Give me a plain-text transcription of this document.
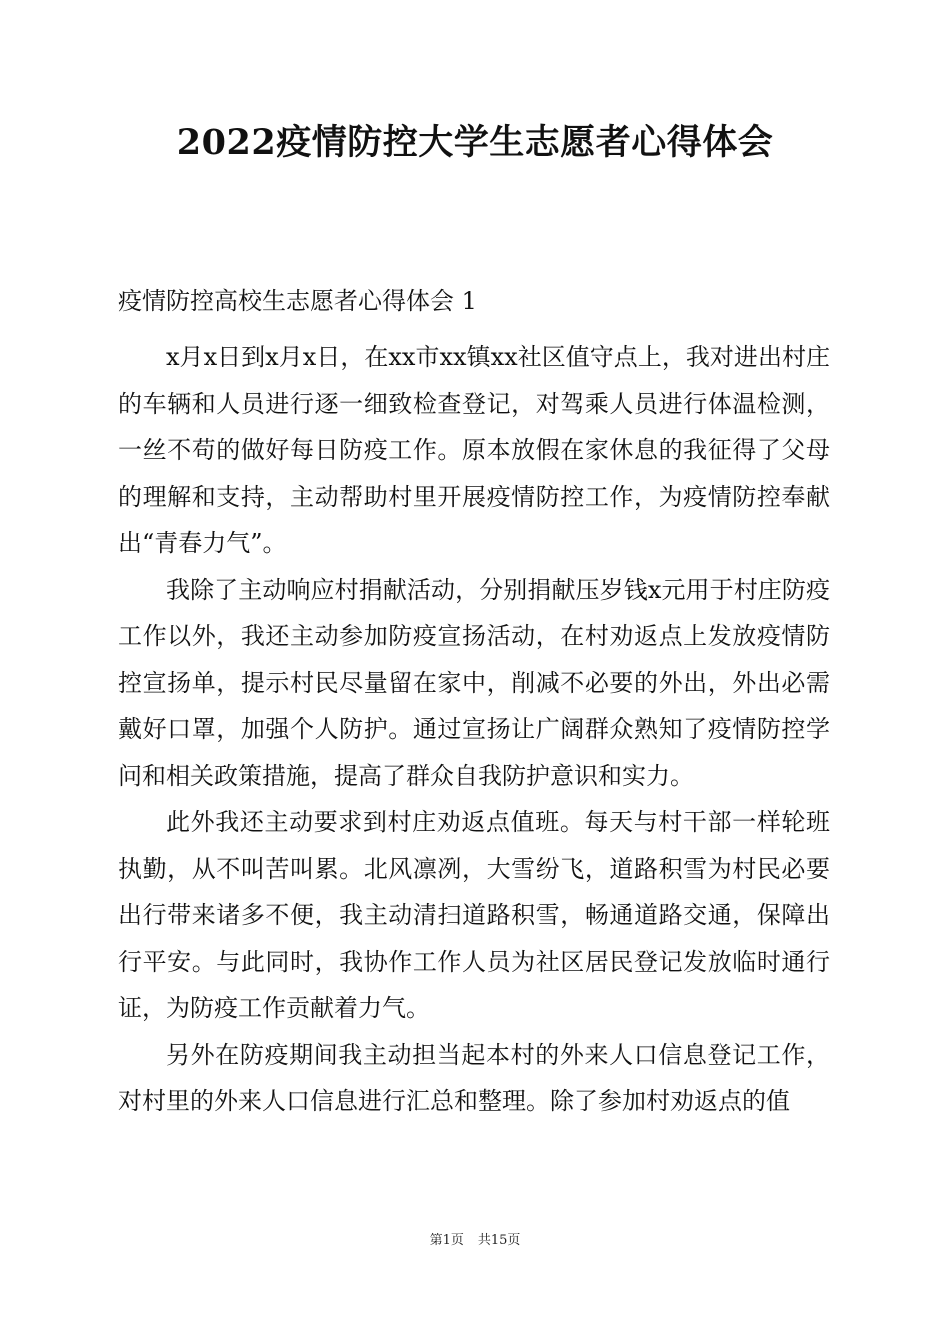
2022疫情防控大学生志愿者心得体会
疫情防控高校生志愿者心得体会 1

x月x日到x月x日，在xx市xx镇xx社区值守点上，我对进出村庄的车辆和人员进行逐一细致检查登记，对驾乘人员进行体温检测，一丝不苟的做好每日防疫工作。原本放假在家休息的我征得了父母的理解和支持，主动帮助村里开展疫情防控工作，为疫情防控奉献出“青春力气”。

我除了主动响应村捐献活动，分别捐献压岁钱x元用于村庄防疫工作以外，我还主动参加防疫宣扬活动，在村劝返点上发放疫情防控宣扬单，提示村民尽量留在家中，削减不必要的外出，外出必需戴好口罩，加强个人防护。通过宣扬让广阔群众熟知了疫情防控学问和相关政策措施，提高了群众自我防护意识和实力。

此外我还主动要求到村庄劝返点值班。每天与村干部一样轮班执勤，从不叫苦叫累。北风凛冽，大雪纷飞，道路积雪为村民必要出行带来诸多不便，我主动清扫道路积雪，畅通道路交通，保障出行平安。与此同时，我协作工作人员为社区居民登记发放临时通行证，为防疫工作贡献着力气。

另外在防疫期间我主动担当起本村的外来人口信息登记工作，对村里的外来人口信息进行汇总和整理。除了参加村劝返点的值

第1页 共15页
